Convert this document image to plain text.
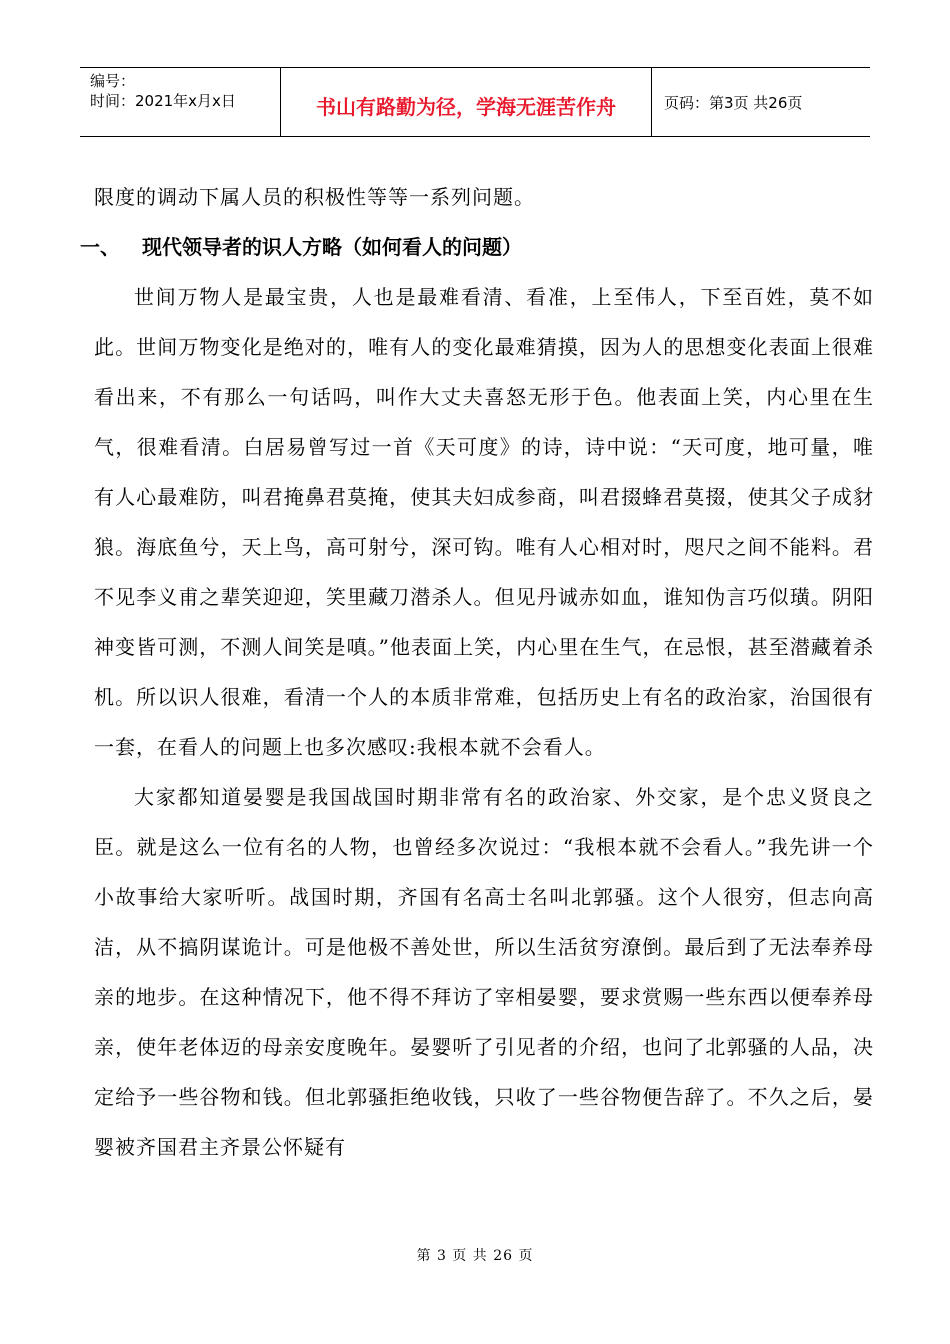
编号：
时间：2021年x月x日	书山有路勤为径，学海无涯苦作舟	页码：第3页 共26页

限度的调动下属人员的积极性等等一系列问题。

一、 现代领导者的识人方略（如何看人的问题）

世间万物人是最宝贵，人也是最难看清、看准，上至伟人，下至百姓，莫不如此。世间万物变化是绝对的，唯有人的变化最难猜摸，因为人的思想变化表面上很难看出来，不有那么一句话吗，叫作大丈夫喜怒无形于色。他表面上笑，内心里在生气，很难看清。白居易曾写过一首《天可度》的诗，诗中说：“天可度，地可量，唯有人心最难防，叫君掩鼻君莫掩，使其夫妇成参商，叫君掇蜂君莫掇，使其父子成豺狼。海底鱼兮，天上鸟，高可射兮，深可钩。唯有人心相对时，咫尺之间不能料。君不见李义甫之辈笑迎迎，笑里藏刀潜杀人。但见丹诚赤如血，谁知伪言巧似璜。阴阳神变皆可测，不测人间笑是嗔。”他表面上笑，内心里在生气，在忌恨，甚至潜藏着杀机。所以识人很难，看清一个人的本质非常难，包括历史上有名的政治家，治国很有一套，在看人的问题上也多次感叹:我根本就不会看人。

大家都知道晏婴是我国战国时期非常有名的政治家、外交家，是个忠义贤良之臣。就是这么一位有名的人物，也曾经多次说过：“我根本就不会看人。”我先讲一个小故事给大家听听。战国时期，齐国有名高士名叫北郭骚。这个人很穷，但志向高洁，从不搞阴谋诡计。可是他极不善处世，所以生活贫穷潦倒。最后到了无法奉养母亲的地步。在这种情况下，他不得不拜访了宰相晏婴，要求赏赐一些东西以便奉养母亲，使年老体迈的母亲安度晚年。晏婴听了引见者的介绍，也问了北郭骚的人品，决定给予一些谷物和钱。但北郭骚拒绝收钱，只收了一些谷物便告辞了。不久之后，晏婴被齐国君主齐景公怀疑有

第 3 页 共 26 页
